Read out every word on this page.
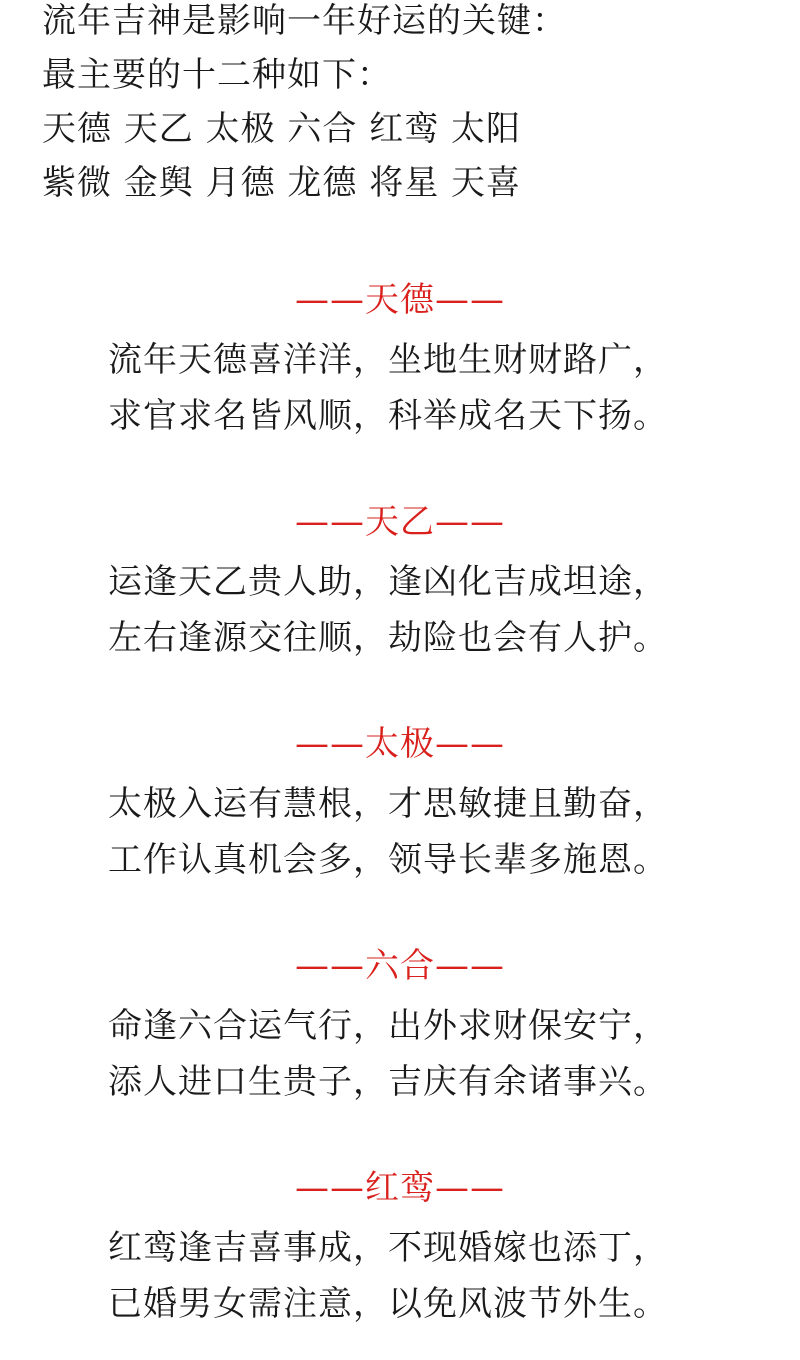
流年吉神是影响一年好运的关键：
最主要的十二种如下：
天德 天乙 太极 六合 红鸾 太阳
紫微 金舆 月德 龙德 将星 天喜
——天德——
流年天德喜洋洋，坐地生财财路广，
求官求名皆风顺，科举成名天下扬。
——天乙——
运逢天乙贵人助，逢凶化吉成坦途，
左右逢源交往顺，劫险也会有人护。
——太极——
太极入运有慧根，才思敏捷且勤奋，
工作认真机会多，领导长辈多施恩。
——六合——
命逢六合运气行，出外求财保安宁，
添人进口生贵子，吉庆有余诸事兴。
——红鸾——
红鸾逢吉喜事成，不现婚嫁也添丁，
已婚男女需注意，以免风波节外生。
